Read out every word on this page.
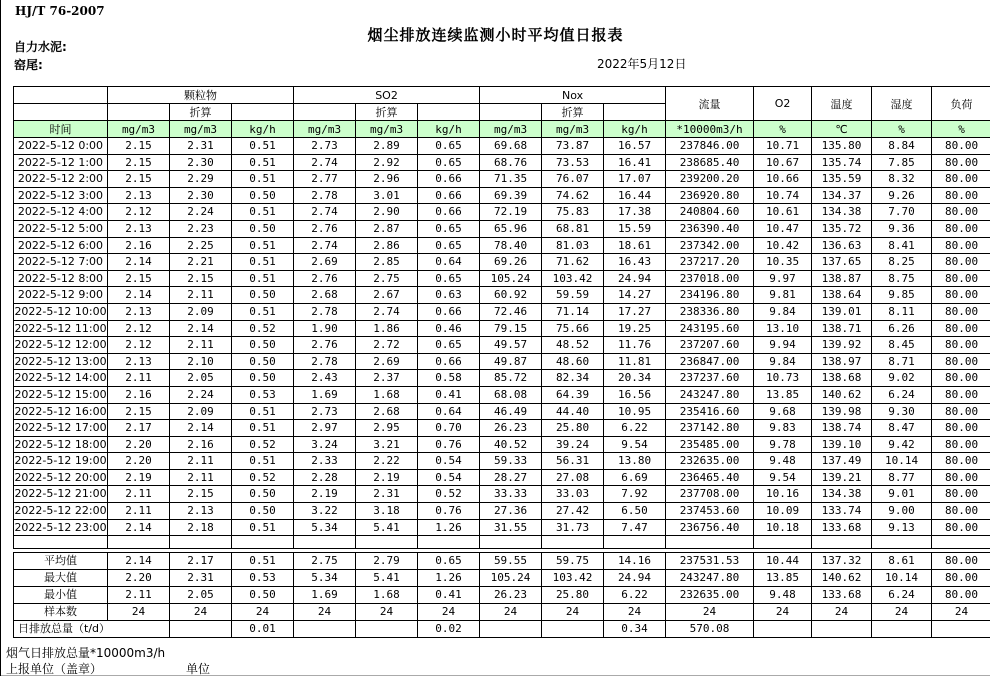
HJ/T 76-2007
烟尘排放连续监测小时平均值日报表
自力水泥:
窑尾:	2022年5月12日
	颗粒物			SO2			Nox			流量	O2	温度	湿度	负荷
		折算			折算			折算						
时间	mg/m3	mg/m3	kg/h	mg/m3	mg/m3	kg/h	mg/m3	mg/m3	kg/h	*10000m3/h	%	℃	%	%
2022-5-12 0:00	2.15	2.31	0.51	2.73	2.89	0.65	69.68	73.87	16.57	237846.00	10.71	135.80	8.84	80.00
2022-5-12 1:00	2.15	2.30	0.51	2.74	2.92	0.65	68.76	73.53	16.41	238685.40	10.67	135.74	7.85	80.00
2022-5-12 2:00	2.15	2.29	0.51	2.77	2.96	0.66	71.35	76.07	17.07	239200.20	10.66	135.59	8.32	80.00
2022-5-12 3:00	2.13	2.30	0.50	2.78	3.01	0.66	69.39	74.62	16.44	236920.80	10.74	134.37	9.26	80.00
2022-5-12 4:00	2.12	2.24	0.51	2.74	2.90	0.66	72.19	75.83	17.38	240804.60	10.61	134.38	7.70	80.00
2022-5-12 5:00	2.13	2.23	0.50	2.76	2.87	0.65	65.96	68.81	15.59	236390.40	10.47	135.72	9.36	80.00
2022-5-12 6:00	2.16	2.25	0.51	2.74	2.86	0.65	78.40	81.03	18.61	237342.00	10.42	136.63	8.41	80.00
2022-5-12 7:00	2.14	2.21	0.51	2.69	2.85	0.64	69.26	71.62	16.43	237217.20	10.35	137.65	8.25	80.00
2022-5-12 8:00	2.15	2.15	0.51	2.76	2.75	0.65	105.24	103.42	24.94	237018.00	9.97	138.87	8.75	80.00
2022-5-12 9:00	2.14	2.11	0.50	2.68	2.67	0.63	60.92	59.59	14.27	234196.80	9.81	138.64	9.85	80.00
2022-5-12 10:00	2.13	2.09	0.51	2.78	2.74	0.66	72.46	71.14	17.27	238336.80	9.84	139.01	8.11	80.00
2022-5-12 11:00	2.12	2.14	0.52	1.90	1.86	0.46	79.15	75.66	19.25	243195.60	13.10	138.71	6.26	80.00
2022-5-12 12:00	2.12	2.11	0.50	2.76	2.72	0.65	49.57	48.52	11.76	237207.60	9.94	139.92	8.45	80.00
2022-5-12 13:00	2.13	2.10	0.50	2.78	2.69	0.66	49.87	48.60	11.81	236847.00	9.84	138.97	8.71	80.00
2022-5-12 14:00	2.11	2.05	0.50	2.43	2.37	0.58	85.72	82.34	20.34	237237.60	10.73	138.68	9.02	80.00
2022-5-12 15:00	2.16	2.24	0.53	1.69	1.68	0.41	68.08	64.39	16.56	243247.80	13.85	140.62	6.24	80.00
2022-5-12 16:00	2.15	2.09	0.51	2.73	2.68	0.64	46.49	44.40	10.95	235416.60	9.68	139.98	9.30	80.00
2022-5-12 17:00	2.17	2.14	0.51	2.97	2.95	0.70	26.23	25.80	6.22	237142.80	9.83	138.74	8.47	80.00
2022-5-12 18:00	2.20	2.16	0.52	3.24	3.21	0.76	40.52	39.24	9.54	235485.00	9.78	139.10	9.42	80.00
2022-5-12 19:00	2.20	2.11	0.51	2.33	2.22	0.54	59.33	56.31	13.80	232635.00	9.48	137.49	10.14	80.00
2022-5-12 20:00	2.19	2.11	0.52	2.28	2.19	0.54	28.27	27.08	6.69	236465.40	9.54	139.21	8.77	80.00
2022-5-12 21:00	2.11	2.15	0.50	2.19	2.31	0.52	33.33	33.03	7.92	237708.00	10.16	134.38	9.01	80.00
2022-5-12 22:00	2.11	2.13	0.50	3.22	3.18	0.76	27.36	27.42	6.50	237453.60	10.09	133.74	9.00	80.00
2022-5-12 23:00	2.14	2.18	0.51	5.34	5.41	1.26	31.55	31.73	7.47	236756.40	10.18	133.68	9.13	80.00

平均值	2.14	2.17	0.51	2.75	2.79	0.65	59.55	59.75	14.16	237531.53	10.44	137.32	8.61	80.00
最大值	2.20	2.31	0.53	5.34	5.41	1.26	105.24	103.42	24.94	243247.80	13.85	140.62	10.14	80.00
最小值	2.11	2.05	0.50	1.69	1.68	0.41	26.23	25.80	6.22	232635.00	9.48	133.68	6.24	80.00
样本数	24	24	24	24	24	24	24	24	24	24	24	24	24	24
日排放总量（t/d）			0.01			0.02			0.34	570.08				
烟气日排放总量*10000m3/h
上报单位（盖章）	单位
